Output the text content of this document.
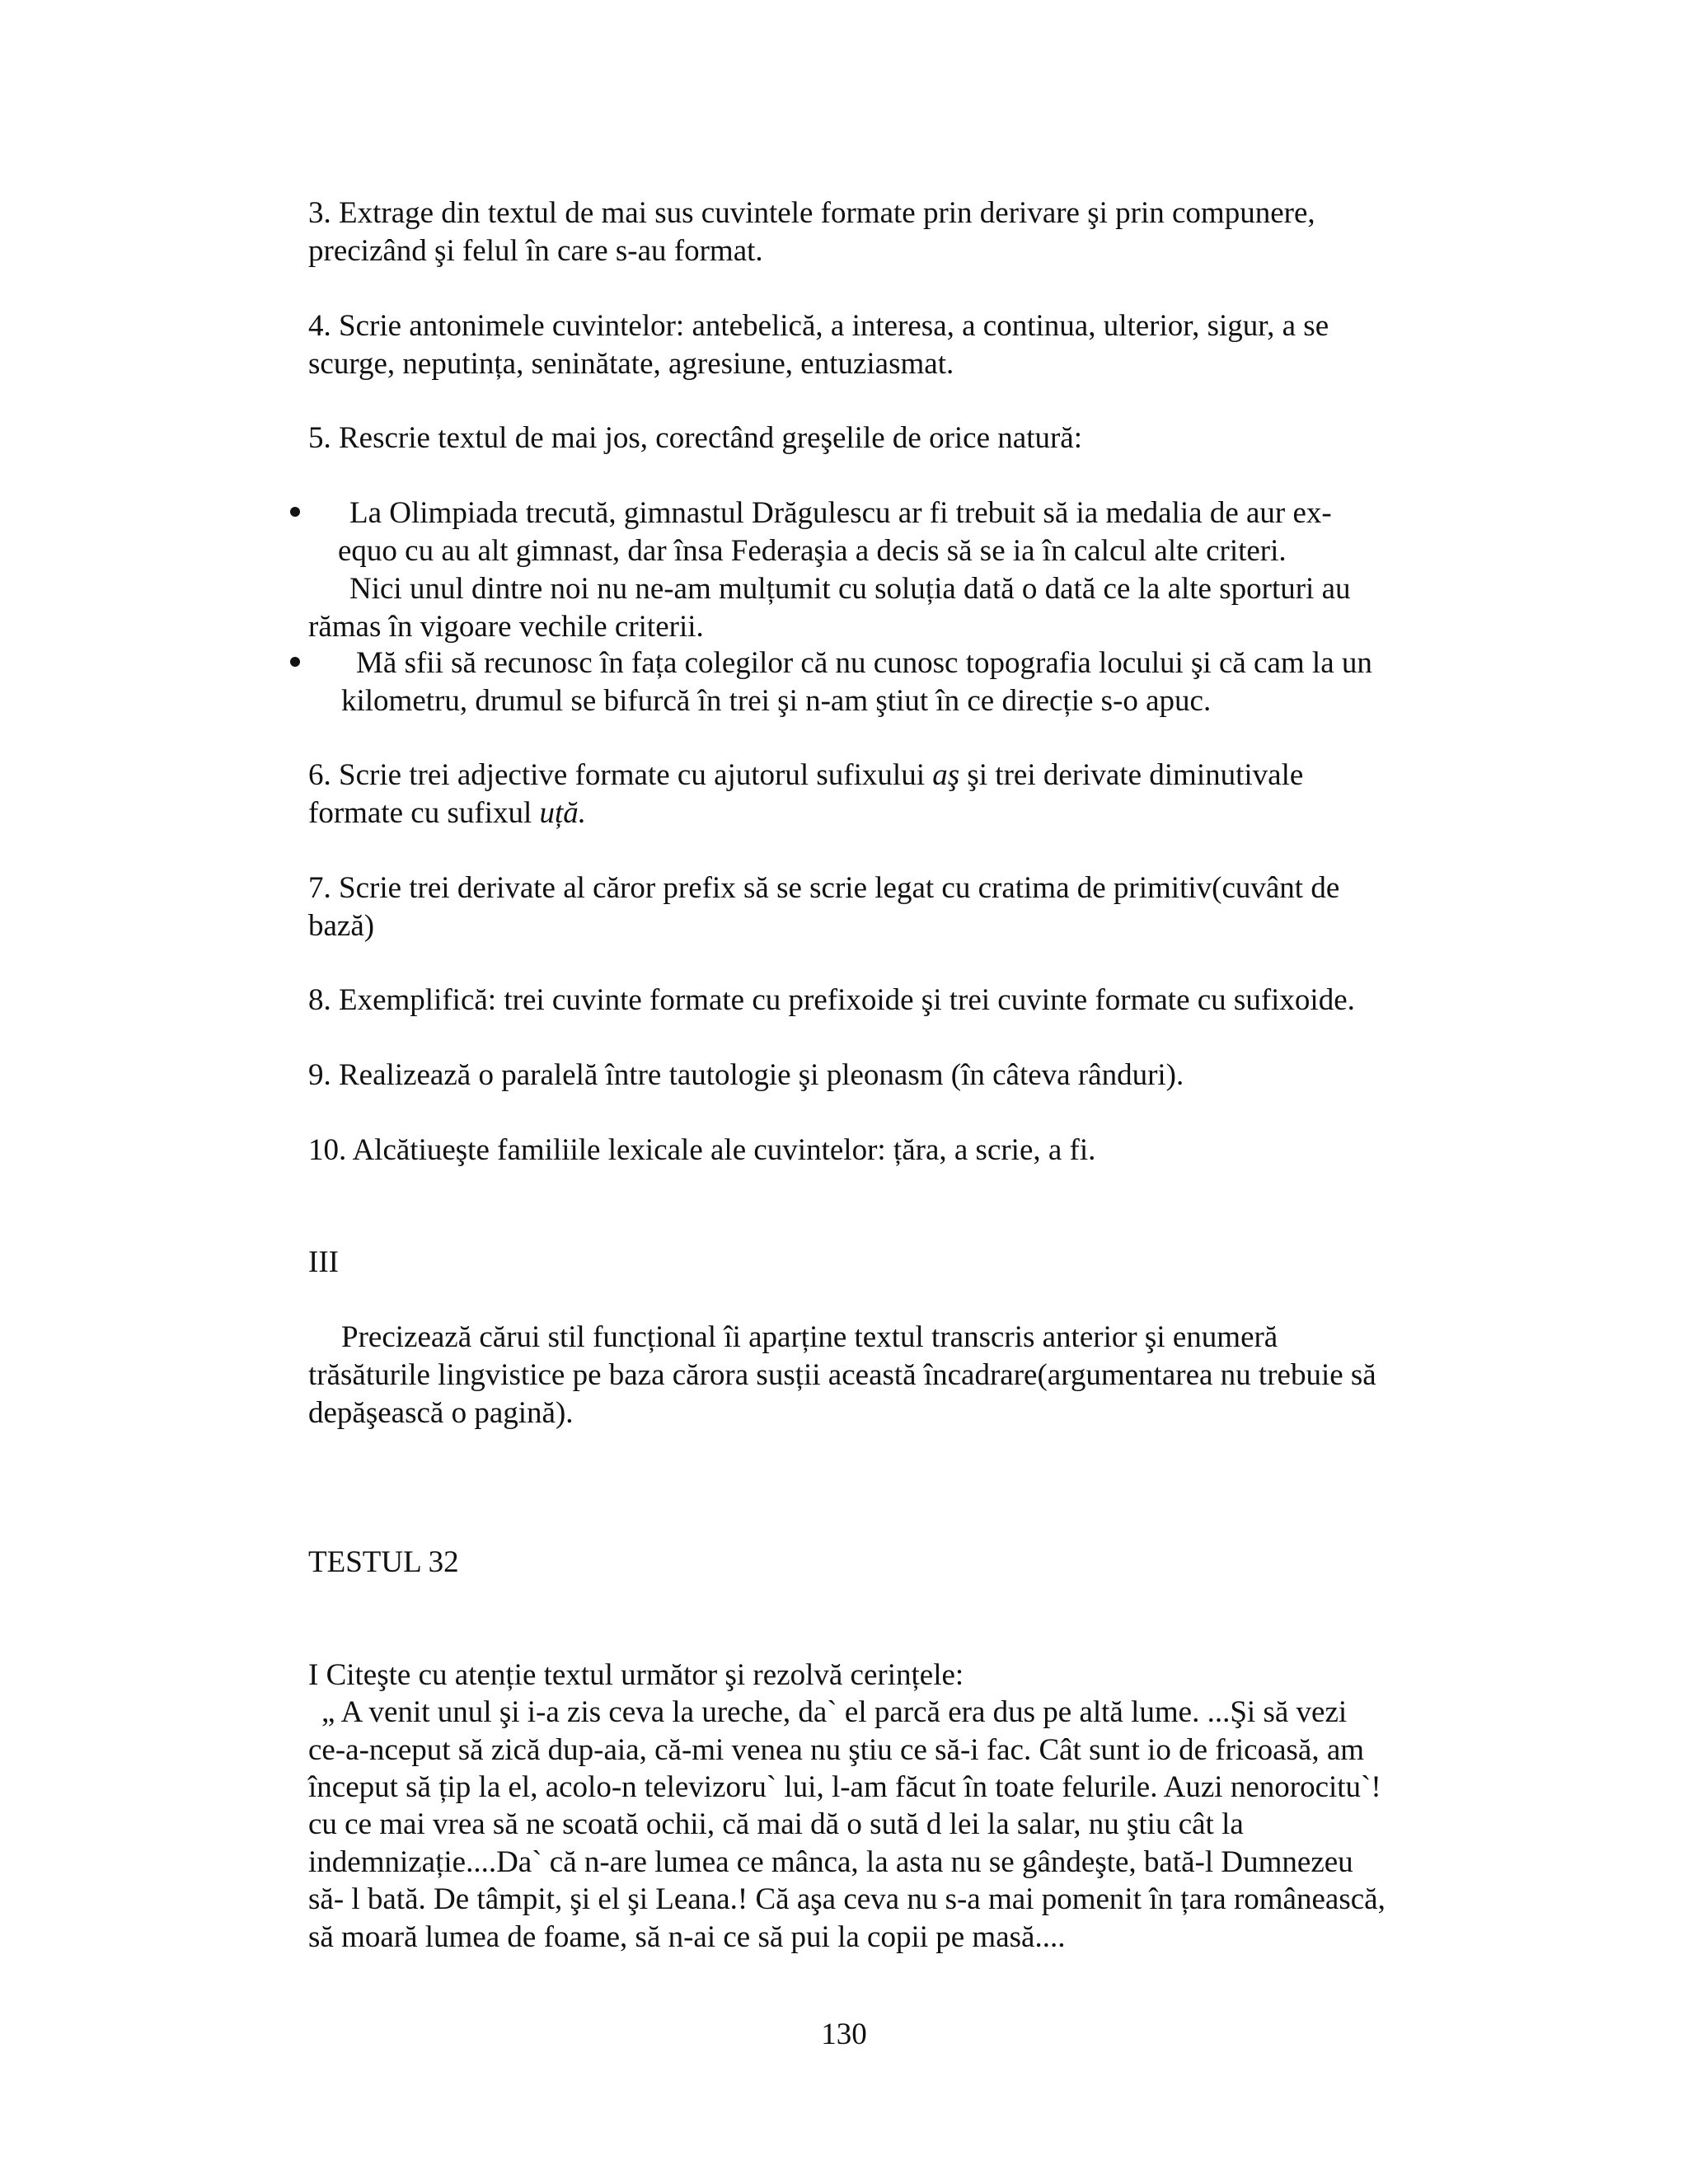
3. Extrage din textul de mai sus cuvintele formate prin derivare şi prin compunere,

precizând şi felul în care s-au format.

4. Scrie antonimele cuvintelor: antebelică, a interesa, a continua, ulterior, sigur, a se

scurge, neputința, seninătate, agresiune, entuziasmat.

5. Rescrie textul de mai jos, corectând greşelile de orice natură:

La Olimpiada trecută, gimnastul Drăgulescu ar fi trebuit să ia medalia de aur ex-

equo cu au alt gimnast, dar însa Federaşia a decis să se ia în calcul alte criteri.

Nici unul dintre noi nu ne-am mulțumit cu soluția dată o dată ce la alte sporturi au

rămas în vigoare vechile criterii.

Mă sfii să recunosc în fața colegilor că nu cunosc topografia locului şi că cam la un

kilometru, drumul se bifurcă în trei şi n-am ştiut în ce direcție s-o apuc.

6. Scrie trei adjective formate cu ajutorul sufixului aş şi trei derivate diminutivale

formate cu sufixul uță.

7. Scrie trei derivate al căror prefix să se scrie legat cu cratima de primitiv(cuvânt de

bază)

8. Exemplifică: trei cuvinte formate cu prefixoide şi trei cuvinte formate cu sufixoide.

9. Realizează o paralelă între tautologie şi pleonasm (în câteva rânduri).

10. Alcătiueşte familiile lexicale ale cuvintelor: țăra, a scrie, a fi.

III

Precizează cărui stil funcțional îi aparține textul transcris anterior şi enumeră

trăsăturile lingvistice pe baza cărora susții această încadrare(argumentarea nu trebuie să

depăşească o pagină).

TESTUL 32

I Citeşte cu atenție textul următor şi rezolvă cerințele:

„ A venit unul şi i-a zis ceva la ureche, da` el parcă era dus pe altă lume. ...Şi să vezi

ce-a-nceput să zică dup-aia, că-mi venea nu ştiu ce să-i fac. Cât sunt io de fricoasă, am

început să țip la el, acolo-n televizoru` lui, l-am făcut în toate felurile. Auzi nenorocitu`!

cu ce mai vrea să ne scoată ochii, că mai dă o sută d lei la salar, nu ştiu cât la

indemnizație....Da` că n-are lumea ce mânca, la asta nu se gândeşte, bată-l Dumnezeu

să- l bată. De tâmpit, şi el şi Leana.! Că aşa ceva nu s-a mai pomenit în țara românească,

să moară lumea de foame, să n-ai ce să pui la copii pe masă....

130
